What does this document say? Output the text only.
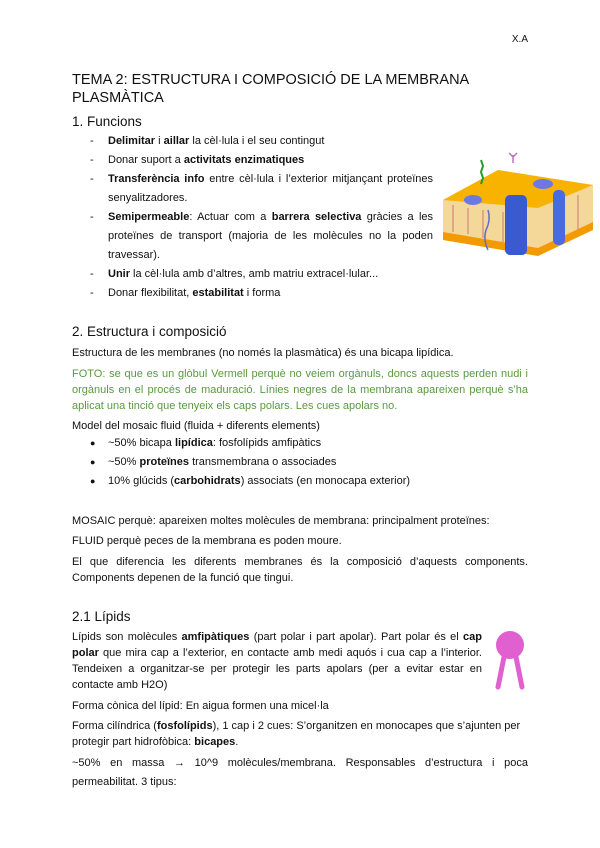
X.A
TEMA 2: ESTRUCTURA I COMPOSICIÓ DE LA MEMBRANA PLASMÀTICA
1. Funcions
- Delimitar i aillar la cèl·lula i el seu contingut
- Donar suport a activitats enzimatiques
- Transferència info entre cèl·lula i l’exterior mitjançant proteïnes senyalitzadores.
- Semipermeable: Actuar com a barrera selectiva gràcies a les proteïnes de transport (majoria de les molècules no la poden travessar).
- Unir la cèl·lula amb d’altres, amb matriu extracel·lular...
- Donar flexibilitat, estabilitat i forma
2. Estructura i composició
Estructura de les membranes (no només la plasmàtica) és una bicapa lipídica.
FOTO: se que es un glòbul Vermell perquè no veiem orgànuls, doncs aquests perden nudi i orgànuls en el procés de maduració. Línies negres de la membrana apareixen perquè s’ha aplicat una tinció que tenyeix els caps polars. Les cues apolars no.
Model del mosaic fluid (fluida + diferents elements)
● ~50% bicapa lipídica: fosfolípids amfipàtics
● ~50% proteïnes transmembrana o associades
● 10% glúcids (carbohidrats) associats (en monocapa exterior)
MOSAIC perquè: apareixen moltes molècules de membrana: principalment proteïnes:
FLUID perquè peces de la membrana es poden moure.
El que diferencia les diferents membranes és la composició d’aquests components. Components depenen de la funció que tingui.
2.1 Lípids
Lípids son molècules amfipàtiques (part polar i part apolar). Part polar és el cap polar que mira cap a l’exterior, en contacte amb medi aquós i cua cap a l’interior. Tendeixen a organitzar-se per protegir les parts apolars (per a evitar estar en contacte amb H2O)
Forma cònica del lípid: En aigua formen una micel·la
Forma cilíndrica (fosfolípids), 1 cap i 2 cues: S’organitzen en monocapes que s’ajunten per protegir part hidrofòbica: bicapes.
~50% en massa → 10^9 molècules/membrana. Responsables d’estructura i poca permeabilitat. 3 tipus:
